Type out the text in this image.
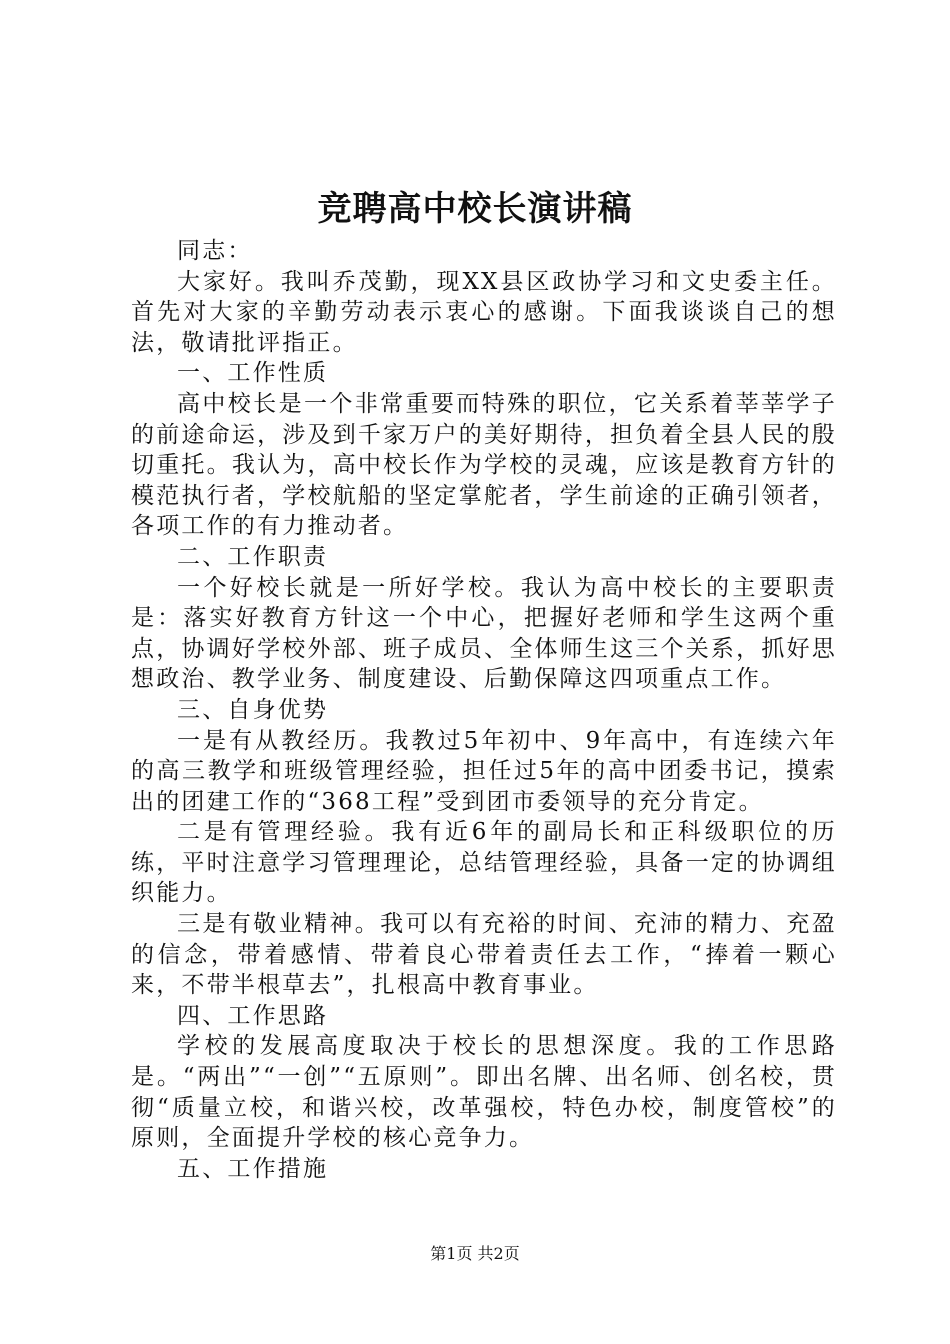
竞聘高中校长演讲稿

同志：

大家好。我叫乔茂勤，现XX县区政协学习和文史委主任。首先对大家的辛勤劳动表示衷心的感谢。下面我谈谈自己的想法，敬请批评指正。

一、工作性质

高中校长是一个非常重要而特殊的职位，它关系着莘莘学子的前途命运，涉及到千家万户的美好期待，担负着全县人民的殷切重托。我认为，高中校长作为学校的灵魂，应该是教育方针的模范执行者，学校航船的坚定掌舵者，学生前途的正确引领者，各项工作的有力推动者。

二、工作职责

一个好校长就是一所好学校。我认为高中校长的主要职责是：落实好教育方针这一个中心，把握好老师和学生这两个重点，协调好学校外部、班子成员、全体师生这三个关系，抓好思想政治、教学业务、制度建设、后勤保障这四项重点工作。

三、自身优势

一是有从教经历。我教过5年初中、9年高中，有连续六年的高三教学和班级管理经验，担任过5年的高中团委书记，摸索出的团建工作的“368工程”受到团市委领导的充分肯定。

二是有管理经验。我有近6年的副局长和正科级职位的历练，平时注意学习管理理论，总结管理经验，具备一定的协调组织能力。

三是有敬业精神。我可以有充裕的时间、充沛的精力、充盈的信念，带着感情、带着良心带着责任去工作，“捧着一颗心来，不带半根草去”，扎根高中教育事业。

四、工作思路

学校的发展高度取决于校长的思想深度。我的工作思路是。“两出”“一创”“五原则”。即出名牌、出名师、创名校，贯彻“质量立校，和谐兴校，改革强校，特色办校，制度管校”的原则，全面提升学校的核心竞争力。

五、工作措施

第1页 共2页
